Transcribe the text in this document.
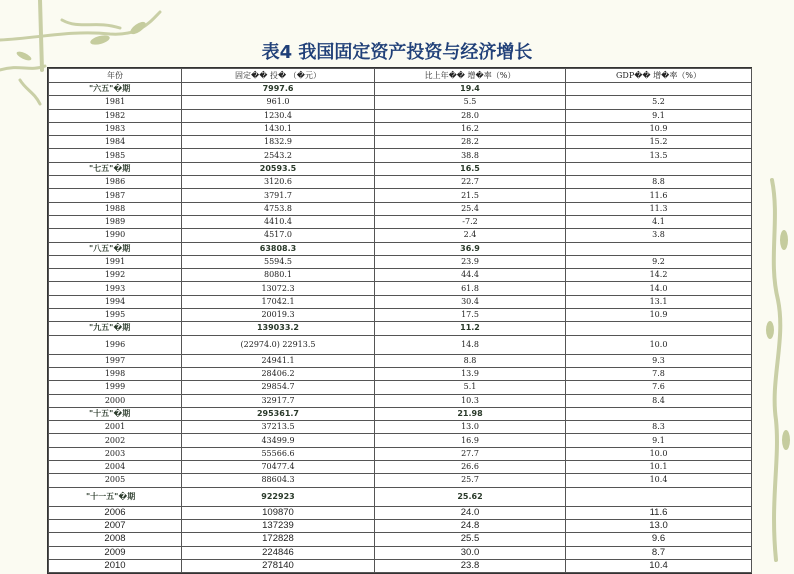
表4 我国固定资产投资与经济增长
年份	固定�� 投� （�元）	比上年�� 增�率（%）	GDP�� 增�率（%）
"六五"�期	7997.6	19.4	
1981	961.0	5.5	5.2
1982	1230.4	28.0	9.1
1983	1430.1	16.2	10.9
1984	1832.9	28.2	15.2
1985	2543.2	38.8	13.5
"七五"�期	20593.5	16.5	
1986	3120.6	22.7	8.8
1987	3791.7	21.5	11.6
1988	4753.8	25.4	11.3
1989	4410.4	-7.2	4.1
1990	4517.0	2.4	3.8
"八五"�期	63808.3	36.9	
1991	5594.5	23.9	9.2
1992	8080.1	44.4	14.2
1993	13072.3	61.8	14.0
1994	17042.1	30.4	13.1
1995	20019.3	17.5	10.9
"九五"�期	139033.2	11.2	
1996	(22974.0) 22913.5	14.8	10.0
1997	24941.1	8.8	9.3
1998	28406.2	13.9	7.8
1999	29854.7	5.1	7.6
2000	32917.7	10.3	8.4
"十五"�期	295361.7	21.98	
2001	37213.5	13.0	8.3
2002	43499.9	16.9	9.1
2003	55566.6	27.7	10.0
2004	70477.4	26.6	10.1
2005	88604.3	25.7	10.4
"十一五"�期	922923	25.62	
2006	109870	24.0	11.6
2007	137239	24.8	13.0
2008	172828	25.5	9.6
2009	224846	30.0	8.7
2010	278140	23.8	10.4
